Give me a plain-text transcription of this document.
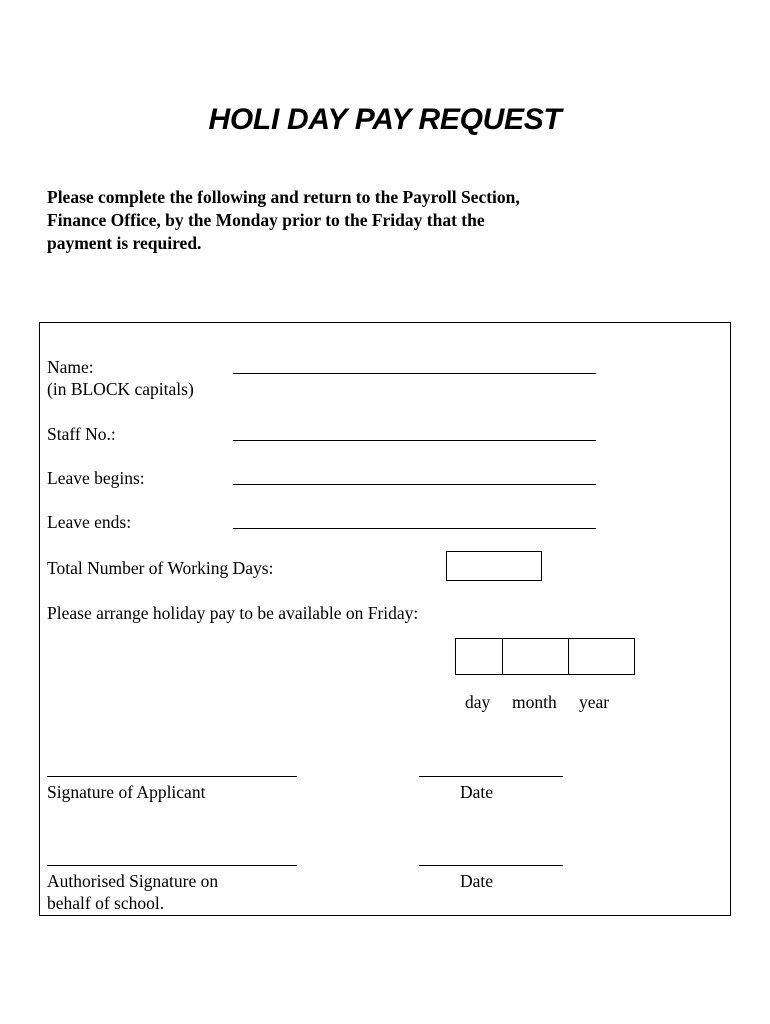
HOLI DAY PAY REQUEST
Please complete the following and return to the Payroll Section,
Finance Office, by the Monday prior to the Friday that the
payment is required.
Name:
(in BLOCK capitals)
Staff No.:
Leave begins:
Leave ends:
Total Number of Working Days:
Please arrange holiday pay to be available on Friday:
day month year
Signature of Applicant	Date
Authorised Signature on
behalf of school.
Date
